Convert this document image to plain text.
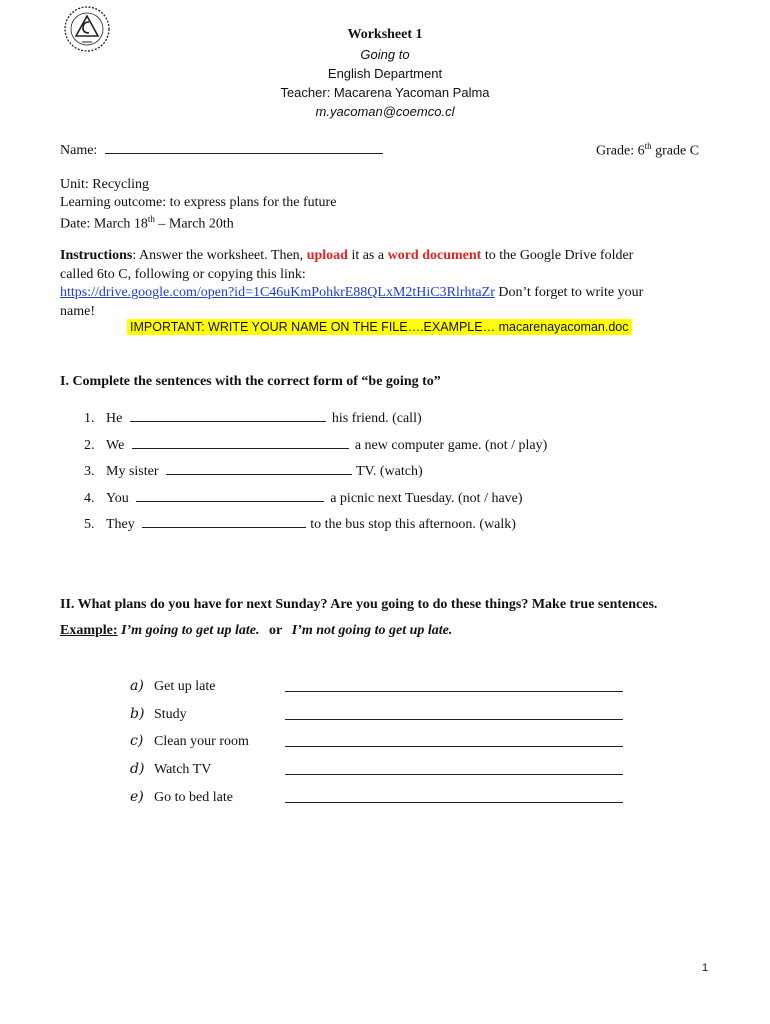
Worksheet 1
Going to
English Department
Teacher: Macarena Yacoman Palma
m.yacoman@coemco.cl
Name:	Grade: 6th grade C
Unit: Recycling
Learning outcome: to express plans for the future
Date: March 18th – March 20th
Instructions: Answer the worksheet. Then, upload it as a word document to the Google Drive folder
called 6to C, following or copying this link:
https://drive.google.com/open?id=1C46uKmPohkrE88QLxM2tHiC3RlrhtaZr Don’t forget to write your
name!
IMPORTANT: WRITE YOUR NAME ON THE FILE….EXAMPLE… macarenayacoman.doc
I. Complete the sentences with the correct form of “be going to”
1. He	his friend. (call)
2. We	a new computer game. (not / play)
3. My sister	TV. (watch)
4. You	a picnic next Tuesday. (not / have)
5. They	to the bus stop this afternoon. (walk)
II. What plans do you have for next Sunday? Are you going to do these things? Make true sentences.
Example: I’m going to get up late. or I’m not going to get up late.
a) Get up late
b) Study
c) Clean your room
d) Watch TV
e) Go to bed late
1
